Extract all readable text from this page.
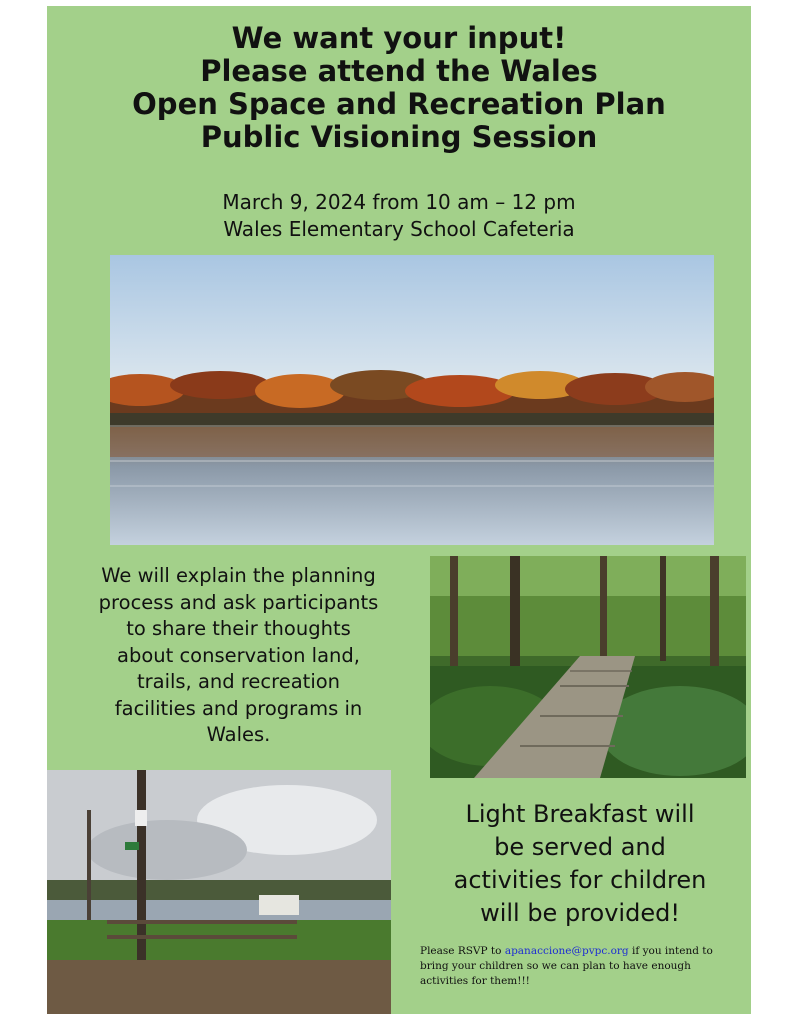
We want your input!
Please attend the Wales
Open Space and Recreation Plan
Public Visioning Session
March 9, 2024 from 10 am – 12 pm
Wales Elementary School Cafeteria
We will explain the planning
process and ask participants
to share their thoughts
about conservation land,
trails, and recreation
facilities and programs in
Wales.
Light Breakfast will
be served and
activities for children
will be provided!
Please RSVP to apanaccione@pvpc.org if you intend to bring your children so we can plan to have enough activities for them!!!
